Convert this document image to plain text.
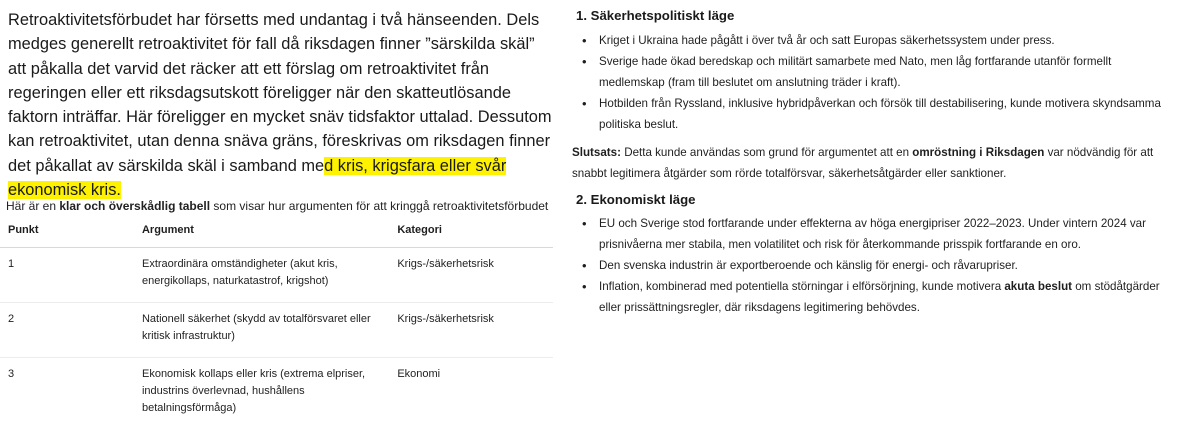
Retroaktivitetsförbudet har försetts med undantag i två hänseenden. Dels medges generellt retroaktivitet för fall då riksdagen finner ”särskilda skäl” att påkalla det varvid det räcker att ett förslag om retroaktivitet från regeringen eller ett riksdagsutskott föreligger när den skatteutlösande faktorn inträffar. Här föreligger en mycket snäv tidsfaktor uttalad. Dessutom kan retroaktivitet, utan denna snäva gräns, föreskrivas om riksdagen finner det påkallat av särskilda skäl i samband med kris, krigsfara eller svår ekonomisk kris.

Här är en klar och överskådlig tabell som visar hur argumenten för att kringgå retroaktivitetsförbudet

Punkt	Argument	Kategori
1	Extraordinära omständigheter (akut kris, energikollaps, naturkatastrof, krigshot)	Krigs-/säkerhetsrisk
2	Nationell säkerhet (skydd av totalförsvaret eller kritisk infrastruktur)	Krigs-/säkerhetsrisk
3	Ekonomisk kollaps eller kris (extrema elpriser, industrins överlevnad, hushållens betalningsförmåga)	Ekonomi
1. Säkerhetspolitiskt läge
• Kriget i Ukraina hade pågått i över två år och satt Europas säkerhetssystem under press.
• Sverige hade ökad beredskap och militärt samarbete med Nato, men låg fortfarande utanför formellt medlemskap (fram till beslutet om anslutning träder i kraft).
• Hotbilden från Ryssland, inklusive hybridpåverkan och försök till destabilisering, kunde motivera skyndsamma politiska beslut.

Slutsats: Detta kunde användas som grund för argumentet att en omröstning i Riksdagen var nödvändig för att snabbt legitimera åtgärder som rörde totalförsvar, säkerhetsåtgärder eller sanktioner.

2. Ekonomiskt läge
• EU och Sverige stod fortfarande under effekterna av höga energipriser 2022–2023. Under vintern 2024 var prisnivåerna mer stabila, men volatilitet och risk för återkommande prisspik fortfarande en oro.
• Den svenska industrin är exportberoende och känslig för energi- och råvarupriser.
• Inflation, kombinerad med potentiella störningar i elförsörjning, kunde motivera akuta beslut om stödåtgärder eller prissättningsregler, där riksdagens legitimering behövdes.
